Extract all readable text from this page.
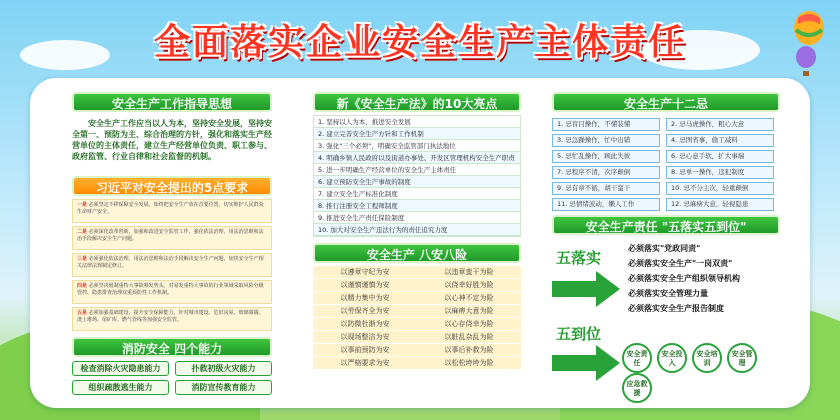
全面落实企业安全生产主体责任
安全生产工作指导思想
安全生产工作应当以人为本，坚持安全发展，坚持安全第一、预防为主、综合治理的方针，强化和落实生产经营单位的主体责任，建立生产经营单位负责、职工参与、政府监管、行业自律和社会监督的机制。
习近平对安全提出的5点要求
一是 必须坚定不移保障安全发展，始终把安全生产放在首要位置，切实维护人民群众生命财产安全。
二是 必须深化改革创新，加强和改进安全监管工作，强化依法治理，用法治思维和法治手段解决安全生产问题。
三是 必须强化依法治理，用法治思维和法治手段解决安全生产问题，加快安全生产相关法律法规制定修订。
四是 必须坚决遏制重特大事故频发势头，对易发重特大事故的行业领域采取风险分级管控、隐患排查治理双重预防性工作机制。
五是 必须加强基础建设，提升安全保障能力，针对城市建设、危旧房屋、玻璃幕墙、渣土堆场、尾矿库、燃气管线等加强安全监管。
消防安全 四个能力
检查消除火灾隐患能力	扑救初级火灾能力
组织疏散逃生能力	消防宣传教育能力
新《安全生产法》的10大亮点
1. 坚持以人为本，推进安全发展
2. 建立完善安全生产方针和工作机制
3. 强化"三个必须"，明确安全监管部门执法地位
4. 明确乡镇人民政府以及街道办事处、开发区管理机构安全生产职责
5. 进一步明确生产经营单位的安全生产主体责任
6. 建立预防安全生产事故的制度
7. 建立安全生产标准化制度
8. 推行注册安全工程师制度
9. 推进安全生产责任保险制度
10. 加大对安全生产违法行为的责任追究力度
安全生产 八安八险
以遵章守纪为安	以违章蛮干为险
以谨慎谨慎为安	以侥幸好胜为险
以精力集中为安	以心神不定为险
以劳保齐全为安	以麻痹大意为险
以防微杜渐为安	以心存侥幸为险
以现场整洁为安	以脏乱杂乱为险
以事前预防为安	以事后补救为险
以严格要求为安	以松松垮垮为险
安全生产十二忌
1. 忌盲目操作，不懂装懂	2. 忌马虎操作，粗心大意
3. 忌急躁操作，忙中出错	4. 忌图省事，偷工减料
5. 忌忙乱操作，顾此失彼	6. 忌心意手软，扩大事端
7. 忌程序不清，次序颠倒	8. 忌单一操作，违犯制度
9. 忌有章不循，胡干蛮干	10. 忌不分主次，轻重颠倒
11. 忌情绪波动，懒人工作	12. 忌麻痹大意，轻视隐患
安全生产责任 "五落实五到位"
五落实
必须落实"党政同责"
必须落实安全生产"一岗双责"
必须落实安全生产组织领导机构
必须落实安全管理力量
必须落实安全生产报告制度
五到位
安全责任安全投入安全培训安全管理应急救援
